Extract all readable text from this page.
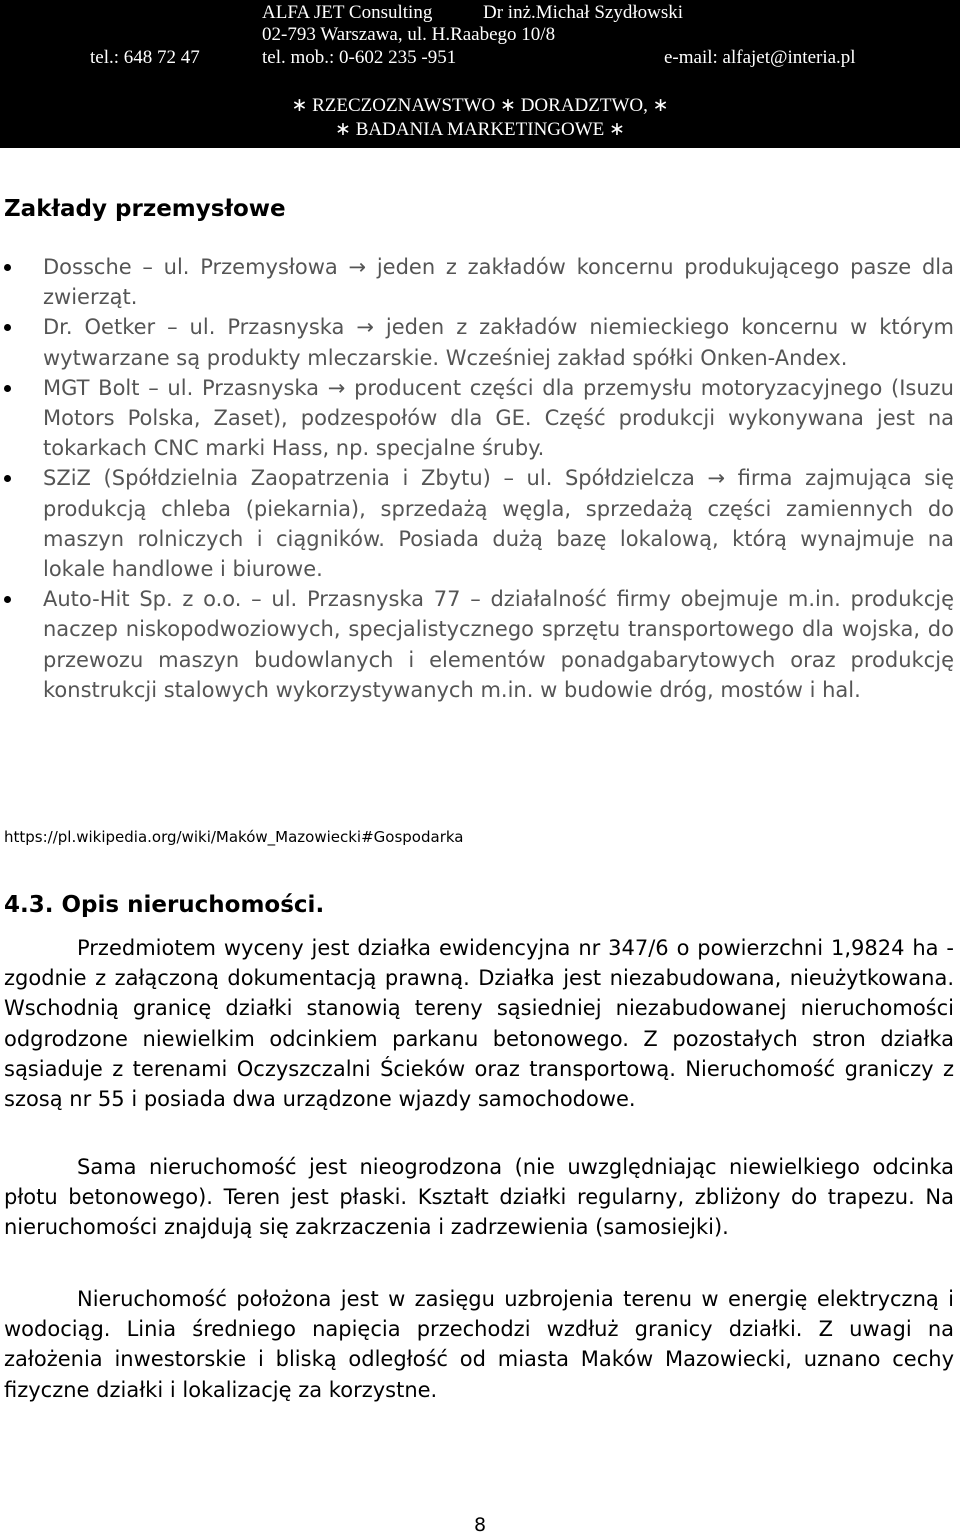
ALFA JET Consulting	Dr inż.Michał Szydłowski
02-793 Warszawa, ul. H.Raabego 10/8
tel.: 648 72 47	tel. mob.: 0-602 235 -951	e-mail: alfajet@interia.pl
∗ RZECZOZNAWSTWO ∗ DORADZTWO, ∗
∗ BADANIA MARKETINGOWE ∗
Zakłady przemysłowe
Dossche – ul. Przemysłowa → jeden z zakładów koncernu produkującego pasze dla zwierząt.
Dr. Oetker – ul. Przasnyska → jeden z zakładów niemieckiego koncernu w którym wytwarzane są produkty mleczarskie. Wcześniej zakład spółki Onken-Andex.
MGT Bolt – ul. Przasnyska → producent części dla przemysłu motoryzacyjnego (Isuzu Motors Polska, Zaset), podzespołów dla GE. Część produkcji wykonywana jest na tokarkach CNC marki Hass, np. specjalne śruby.
SZiZ (Spółdzielnia Zaopatrzenia i Zbytu) – ul. Spółdzielcza → firma zajmująca się produkcją chleba (piekarnia), sprzedażą węgla, sprzedażą części zamiennych do maszyn rolniczych i ciągników. Posiada dużą bazę lokalową, którą wynajmuje na lokale handlowe i biurowe.
Auto-Hit Sp. z o.o. – ul. Przasnyska 77 – działalność firmy obejmuje m.in. produkcję naczep niskopodwoziowych, specjalistycznego sprzętu transportowego dla wojska, do przewozu maszyn budowlanych i elementów ponadgabarytowych oraz produkcję konstrukcji stalowych wykorzystywanych m.in. w budowie dróg, mostów i hal.
https://pl.wikipedia.org/wiki/Maków_Mazowiecki#Gospodarka
4.3. Opis nieruchomości.

Przedmiotem wyceny jest działka ewidencyjna nr 347/6 o powierzchni 1,9824 ha - zgodnie z załączoną dokumentacją prawną. Działka jest niezabudowana, nieużytkowana. Wschodnią granicę działki stanowią tereny sąsiedniej niezabudowanej nieruchomości odgrodzone niewielkim odcinkiem parkanu betonowego. Z pozostałych stron działka sąsiaduje z terenami Oczyszczalni Ścieków oraz transportową. Nieruchomość graniczy z szosą nr 55 i posiada dwa urządzone wjazdy samochodowe.

Sama nieruchomość jest nieogrodzona (nie uwzględniając niewielkiego odcinka płotu betonowego). Teren jest płaski. Kształt działki regularny, zbliżony do trapezu. Na nieruchomości znajdują się zakrzaczenia i zadrzewienia (samosiejki).

Nieruchomość położona jest w zasięgu uzbrojenia terenu w energię elektryczną i wodociąg. Linia średniego napięcia przechodzi wzdłuż granicy działki. Z uwagi na założenia inwestorskie i bliską odległość od miasta Maków Mazowiecki, uznano cechy fizyczne działki i lokalizację za korzystne.

8
